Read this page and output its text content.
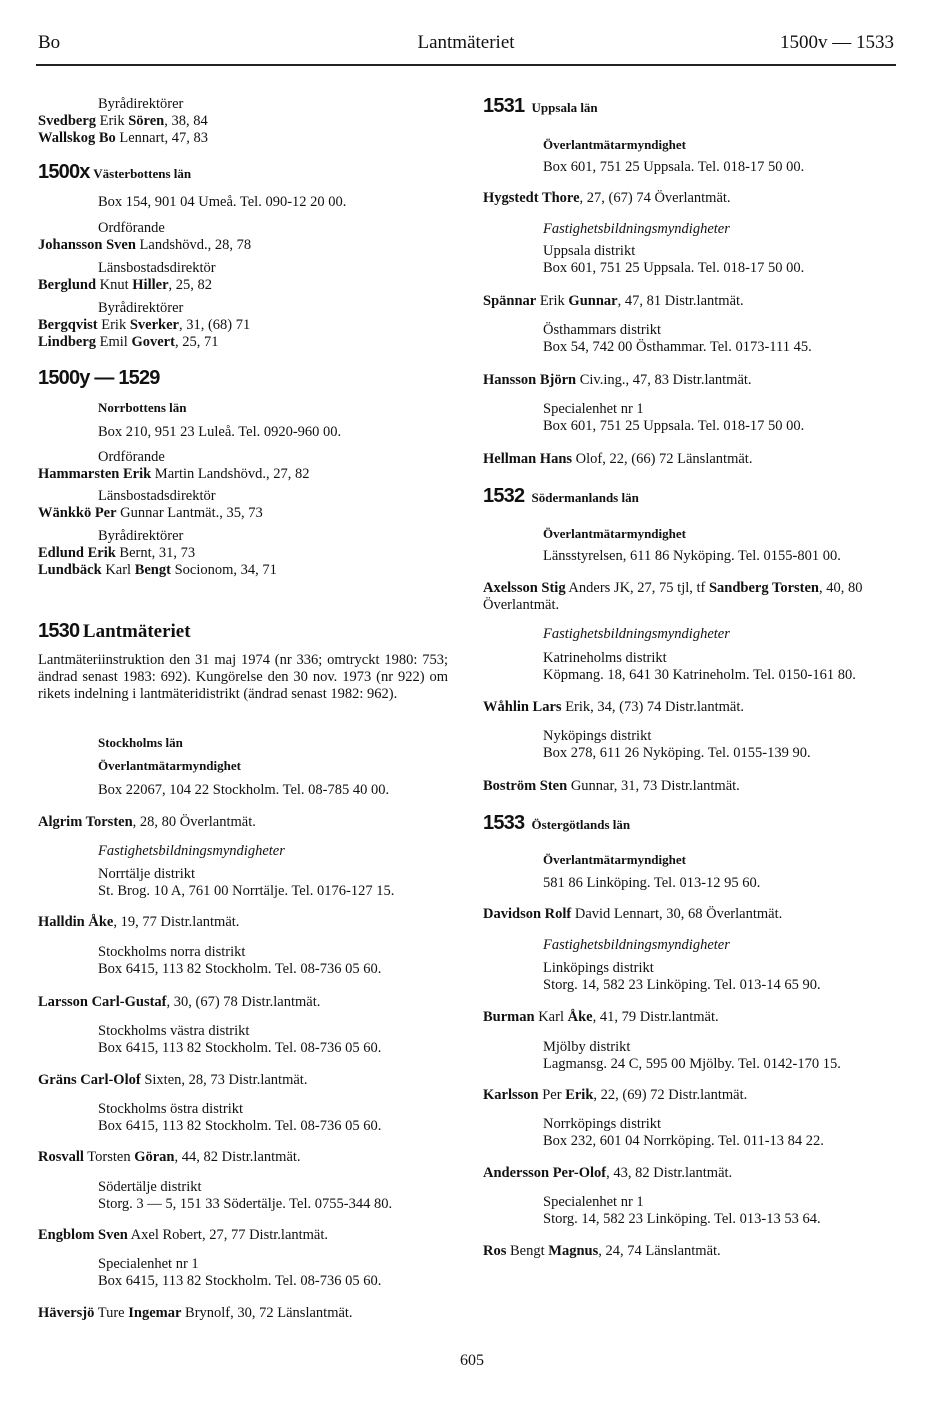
Bo	Lantmäteriet	1500v — 1533
Byrådirektörer
Svedberg Erik Sören, 38, 84
Wallskog Bo Lennart, 47, 83
1500x Västerbottens län
Box 154, 901 04 Umeå. Tel. 090-12 20 00.
Ordförande
Johansson Sven Landshövd., 28, 78
Länsbostadsdirektör
Berglund Knut Hiller, 25, 82
Byrådirektörer
Bergqvist Erik Sverker, 31, (68) 71
Lindberg Emil Govert, 25, 71
1500y — 1529
Norrbottens län
Box 210, 951 23 Luleå. Tel. 0920-960 00.
Ordförande
Hammarsten Erik Martin Landshövd., 27, 82
Länsbostadsdirektör
Wänkkö Per Gunnar Lantmät., 35, 73
Byrådirektörer
Edlund Erik Bernt, 31, 73
Lundbäck Karl Bengt Socionom, 34, 71
1530 Lantmäteriet
Lantmäteriinstruktion den 31 maj 1974 (nr 336; omtryckt 1980: 753; ändrad senast 1983: 692). Kungörelse den 30 nov. 1973 (nr 922) om rikets indelning i lantmäteridistrikt (ändrad senast 1982: 962).
Stockholms län
Överlantmätarmyndighet
Box 22067, 104 22 Stockholm. Tel. 08-785 40 00.
Algrim Torsten, 28, 80 Överlantmät.
Fastighetsbildningsmyndigheter
Norrtälje distrikt
St. Brog. 10 A, 761 00 Norrtälje. Tel. 0176-127 15.
Halldin Åke, 19, 77 Distr.lantmät.
Stockholms norra distrikt
Box 6415, 113 82 Stockholm. Tel. 08-736 05 60.
Larsson Carl-Gustaf, 30, (67) 78 Distr.lantmät.
Stockholms västra distrikt
Box 6415, 113 82 Stockholm. Tel. 08-736 05 60.
Gräns Carl-Olof Sixten, 28, 73 Distr.lantmät.
Stockholms östra distrikt
Box 6415, 113 82 Stockholm. Tel. 08-736 05 60.
Rosvall Torsten Göran, 44, 82 Distr.lantmät.
Södertälje distrikt
Storg. 3 — 5, 151 33 Södertälje. Tel. 0755-344 80.
Engblom Sven Axel Robert, 27, 77 Distr.lantmät.
Specialenhet nr 1
Box 6415, 113 82 Stockholm. Tel. 08-736 05 60.
Häversjö Ture Ingemar Brynolf, 30, 72 Länslantmät.
1531 Uppsala län
Överlantmätarmyndighet
Box 601, 751 25 Uppsala. Tel. 018-17 50 00.
Hygstedt Thore, 27, (67) 74 Överlantmät.
Fastighetsbildningsmyndigheter
Uppsala distrikt
Box 601, 751 25 Uppsala. Tel. 018-17 50 00.
Spännar Erik Gunnar, 47, 81 Distr.lantmät.
Östhammars distrikt
Box 54, 742 00 Östhammar. Tel. 0173-111 45.
Hansson Björn Civ.ing., 47, 83 Distr.lantmät.
Specialenhet nr 1
Box 601, 751 25 Uppsala. Tel. 018-17 50 00.
Hellman Hans Olof, 22, (66) 72 Länslantmät.
1532 Södermanlands län
Överlantmätarmyndighet
Länsstyrelsen, 611 86 Nyköping. Tel. 0155-801 00.
Axelsson Stig Anders JK, 27, 75 tjl, tf Sandberg Torsten, 40, 80
Överlantmät.
Fastighetsbildningsmyndigheter
Katrineholms distrikt
Köpmang. 18, 641 30 Katrineholm. Tel. 0150-161 80.
Wåhlin Lars Erik, 34, (73) 74 Distr.lantmät.
Nyköpings distrikt
Box 278, 611 26 Nyköping. Tel. 0155-139 90.
Boström Sten Gunnar, 31, 73 Distr.lantmät.
1533 Östergötlands län
Överlantmätarmyndighet
581 86 Linköping. Tel. 013-12 95 60.
Davidson Rolf David Lennart, 30, 68 Överlantmät.
Fastighetsbildningsmyndigheter
Linköpings distrikt
Storg. 14, 582 23 Linköping. Tel. 013-14 65 90.
Burman Karl Åke, 41, 79 Distr.lantmät.
Mjölby distrikt
Lagmansg. 24 C, 595 00 Mjölby. Tel. 0142-170 15.
Karlsson Per Erik, 22, (69) 72 Distr.lantmät.
Norrköpings distrikt
Box 232, 601 04 Norrköping. Tel. 011-13 84 22.
Andersson Per-Olof, 43, 82 Distr.lantmät.
Specialenhet nr 1
Storg. 14, 582 23 Linköping. Tel. 013-13 53 64.
Ros Bengt Magnus, 24, 74 Länslantmät.
605
